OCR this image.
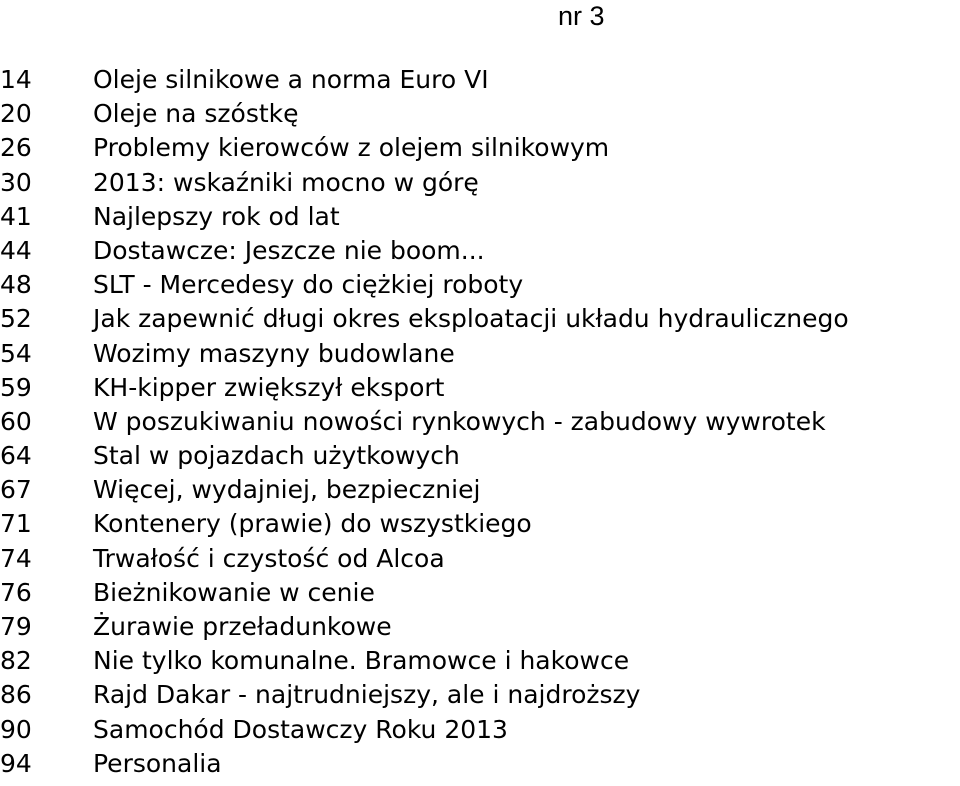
nr 3
14	Oleje silnikowe a norma Euro VI
20	Oleje na szóstkę
26	Problemy kierowców z olejem silnikowym
30	2013: wskaźniki mocno w górę
41	Najlepszy rok od lat
44	Dostawcze: Jeszcze nie boom...
48	SLT - Mercedesy do ciężkiej roboty
52	Jak zapewnić długi okres eksploatacji układu hydraulicznego
54	Wozimy maszyny budowlane
59	KH-kipper zwiększył eksport
60	W poszukiwaniu nowości rynkowych - zabudowy wywrotek
64	Stal w pojazdach użytkowych
67	Więcej, wydajniej, bezpieczniej
71	Kontenery (prawie) do wszystkiego
74	Trwałość i czystość od Alcoa
76	Bieżnikowanie w cenie
79	Żurawie przeładunkowe
82	Nie tylko komunalne. Bramowce i hakowce
86	Rajd Dakar - najtrudniejszy, ale i najdroższy
90	Samochód Dostawczy Roku 2013
94	Personalia
